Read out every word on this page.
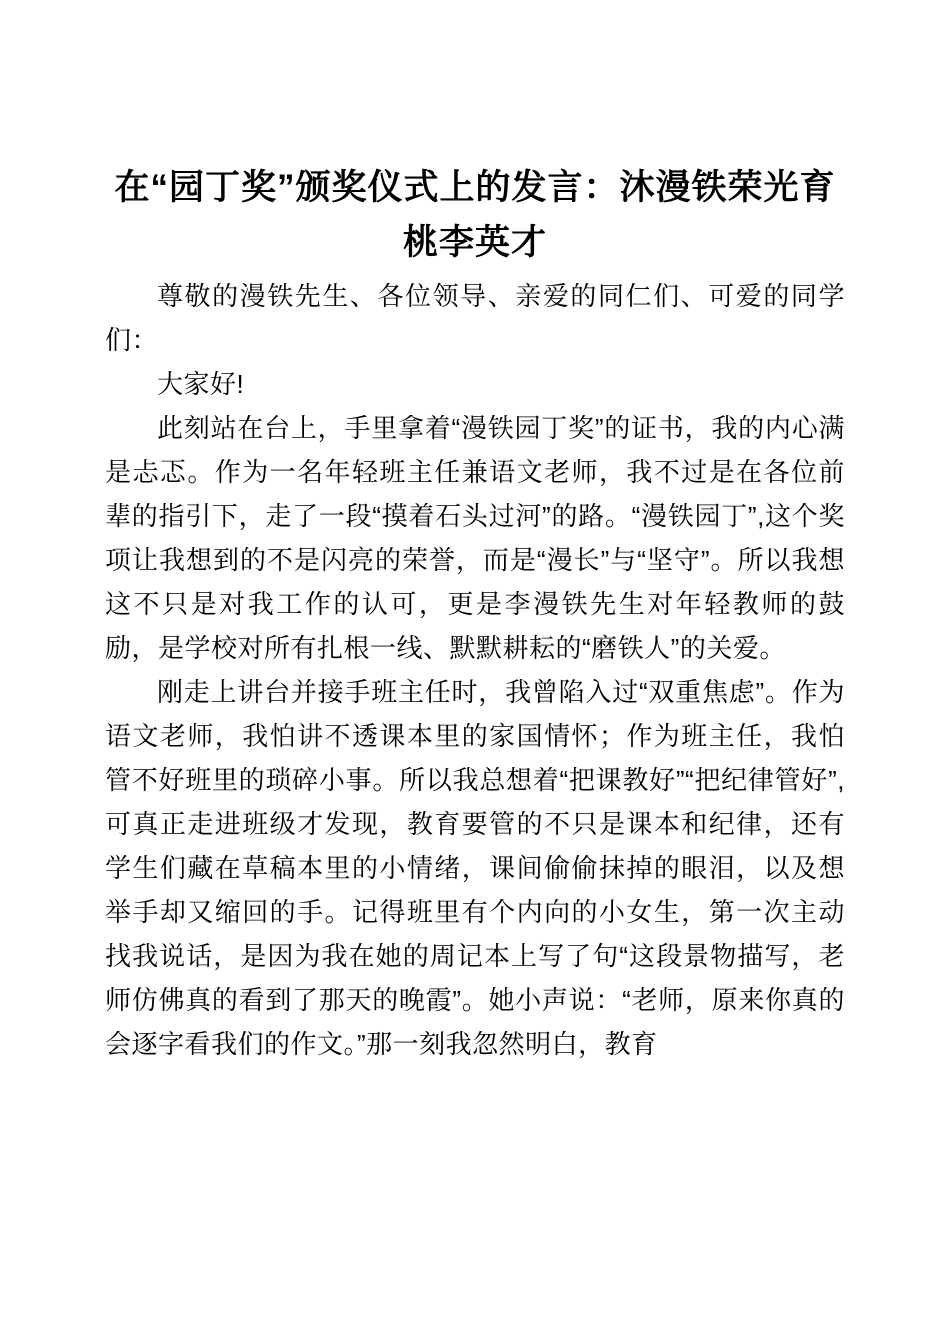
在“园丁奖”颁奖仪式上的发言：沐漫铁荣光育桃李英才

尊敬的漫铁先生、各位领导、亲爱的同仁们、可爱的同学们：

大家好!

此刻站在台上，手里拿着“漫铁园丁奖”的证书，我的内心满是忐忑。作为一名年轻班主任兼语文老师，我不过是在各位前辈的指引下，走了一段“摸着石头过河”的路。“漫铁园丁”,这个奖项让我想到的不是闪亮的荣誉，而是“漫长”与“坚守”。所以我想这不只是对我工作的认可，更是李漫铁先生对年轻教师的鼓励，是学校对所有扎根一线、默默耕耘的“磨铁人”的关爱。

刚走上讲台并接手班主任时，我曾陷入过“双重焦虑”。作为语文老师，我怕讲不透课本里的家国情怀；作为班主任，我怕管不好班里的琐碎小事。所以我总想着“把课教好”“把纪律管好”,可真正走进班级才发现，教育要管的不只是课本和纪律，还有学生们藏在草稿本里的小情绪，课间偷偷抹掉的眼泪，以及想举手却又缩回的手。记得班里有个内向的小女生，第一次主动找我说话，是因为我在她的周记本上写了句“这段景物描写，老师仿佛真的看到了那天的晚霞”。她小声说：“老师，原来你真的会逐字看我们的作文。”那一刻我忽然明白，教育
